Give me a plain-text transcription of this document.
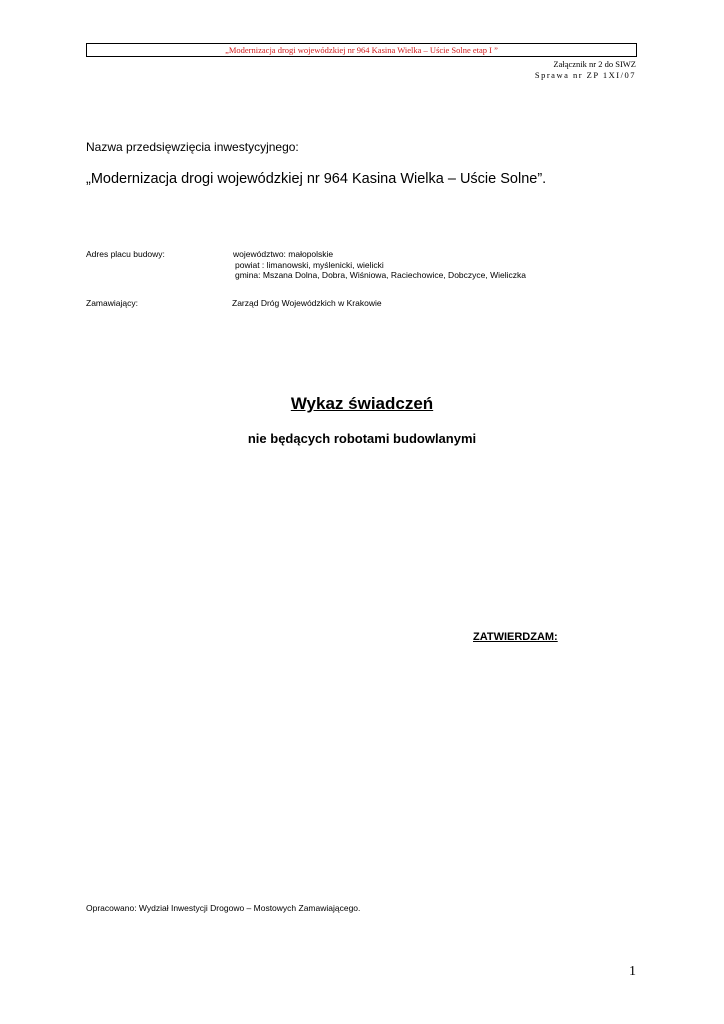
„Modernizacja drogi wojewódzkiej nr 964 Kasina Wielka – Uście Solne etap I ”
Załącznik nr 2 do SIWZ
Sprawa nr ZP 1XI/07
Nazwa przedsięwzięcia inwestycyjnego:
„Modernizacja drogi wojewódzkiej nr 964 Kasina Wielka – Uście Solne”.
Adres placu budowy:	województwo: małopolskie
powiat : limanowski, myślenicki, wielicki
gmina: Mszana Dolna, Dobra, Wiśniowa, Raciechowice, Dobczyce, Wieliczka
Zamawiający:	Zarząd Dróg Wojewódzkich w Krakowie
Wykaz świadczeń
nie będących robotami budowlanymi
ZATWIERDZAM:
Opracowano: Wydział Inwestycji Drogowo – Mostowych Zamawiającego.
1
